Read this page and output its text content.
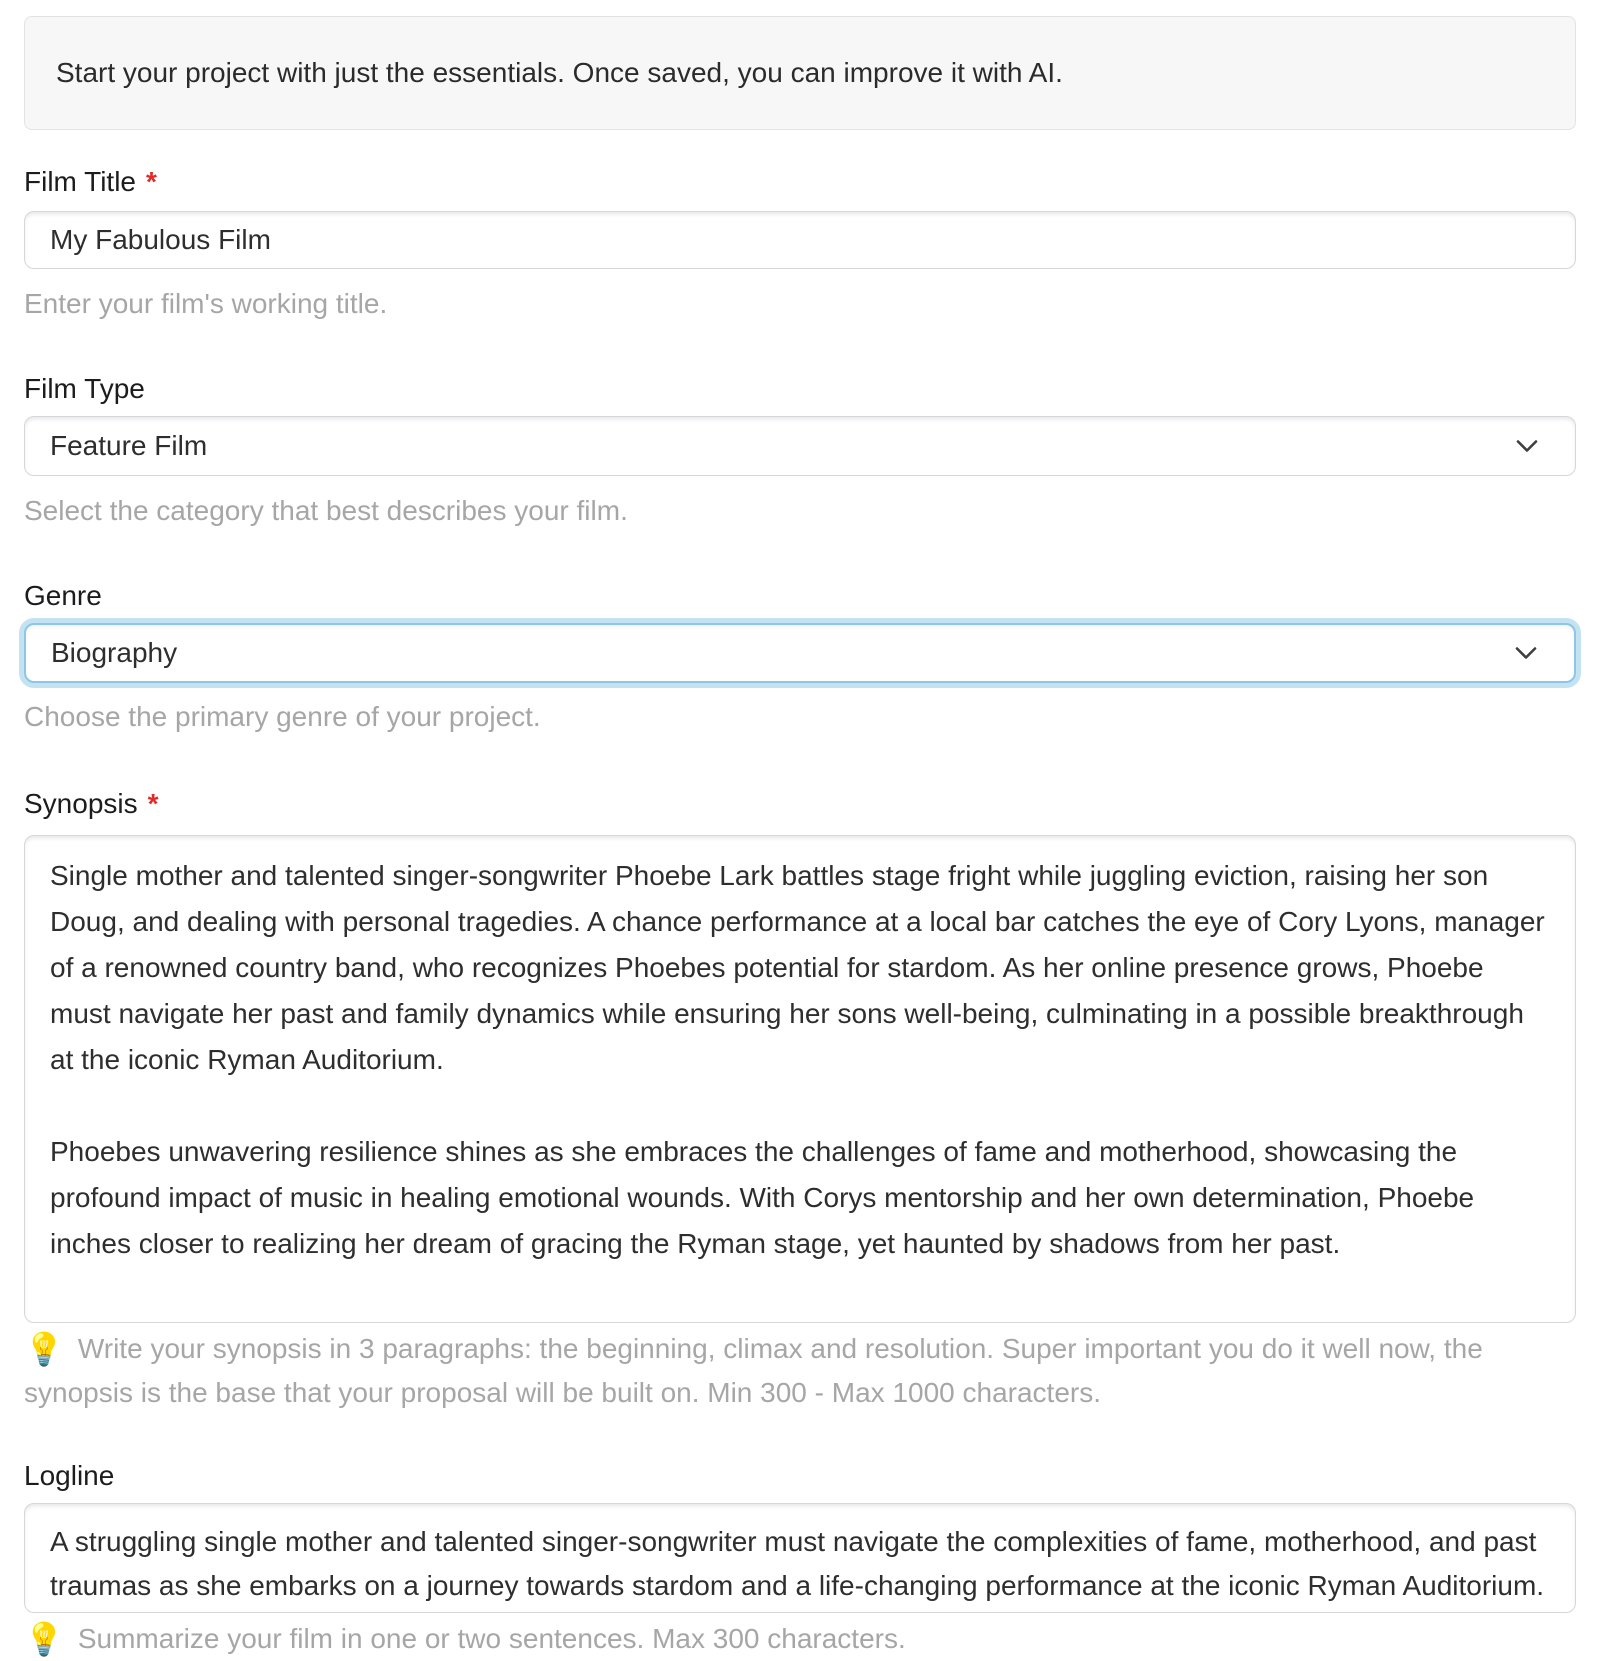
Start your project with just the essentials. Once saved, you can improve it with AI.
Film Title *
My Fabulous Film
Enter your film's working title.
Film Type
Feature Film
Select the category that best describes your film.
Genre
Biography
Choose the primary genre of your project.
Synopsis *
Single mother and talented singer-songwriter Phoebe Lark battles stage fright while juggling eviction, raising her son Doug, and dealing with personal tragedies. A chance performance at a local bar catches the eye of Cory Lyons, manager of a renowned country band, who recognizes Phoebes potential for stardom. As her online presence grows, Phoebe must navigate her past and family dynamics while ensuring her sons well-being, culminating in a possible breakthrough at the iconic Ryman Auditorium. Phoebes unwavering resilience shines as she embraces the challenges of fame and motherhood, showcasing the profound impact of music in healing emotional wounds. With Corys mentorship and her own determination, Phoebe inches closer to realizing her dream of gracing the Ryman stage, yet haunted by shadows from her past.
💡 Write your synopsis in 3 paragraphs: the beginning, climax and resolution. Super important you do it well now, the synopsis is the base that your proposal will be built on. Min 300 - Max 1000 characters.
Logline
A struggling single mother and talented singer-songwriter must navigate the complexities of fame, motherhood, and past traumas as she embarks on a journey towards stardom and a life-changing performance at the iconic Ryman Auditorium.
💡 Summarize your film in one or two sentences. Max 300 characters.
